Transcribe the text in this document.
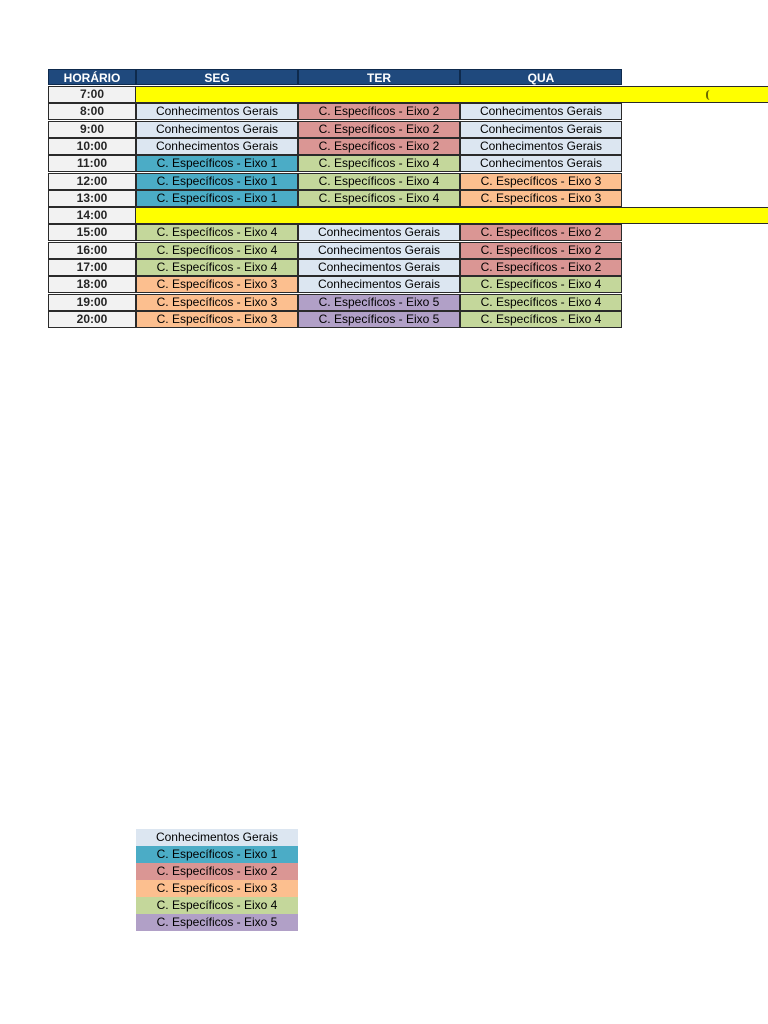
HORÁRIO	SEG	TER	QUA
7:00
8:00	Conhecimentos Gerais	C. Específicos - Eixo 2	Conhecimentos Gerais
9:00	Conhecimentos Gerais	C. Específicos - Eixo 2	Conhecimentos Gerais
10:00	Conhecimentos Gerais	C. Específicos - Eixo 2	Conhecimentos Gerais
11:00	C. Específicos - Eixo 1	C. Específicos - Eixo 4	Conhecimentos Gerais
12:00	C. Específicos - Eixo 1	C. Específicos - Eixo 4	C. Específicos - Eixo 3
13:00	C. Específicos - Eixo 1	C. Específicos - Eixo 4	C. Específicos - Eixo 3
14:00
15:00	C. Específicos - Eixo 4	Conhecimentos Gerais	C. Específicos - Eixo 2
16:00	C. Específicos - Eixo 4	Conhecimentos Gerais	C. Específicos - Eixo 2
17:00	C. Específicos - Eixo 4	Conhecimentos Gerais	C. Específicos - Eixo 2
18:00	C. Específicos - Eixo 3	Conhecimentos Gerais	C. Específicos - Eixo 4
19:00	C. Específicos - Eixo 3	C. Específicos - Eixo 5	C. Específicos - Eixo 4
20:00	C. Específicos - Eixo 3	C. Específicos - Eixo 5	C. Específicos - Eixo 4
Conhecimentos Gerais
C. Específicos - Eixo 1
C. Específicos - Eixo 2
C. Específicos - Eixo 3
C. Específicos - Eixo 4
C. Específicos - Eixo 5
